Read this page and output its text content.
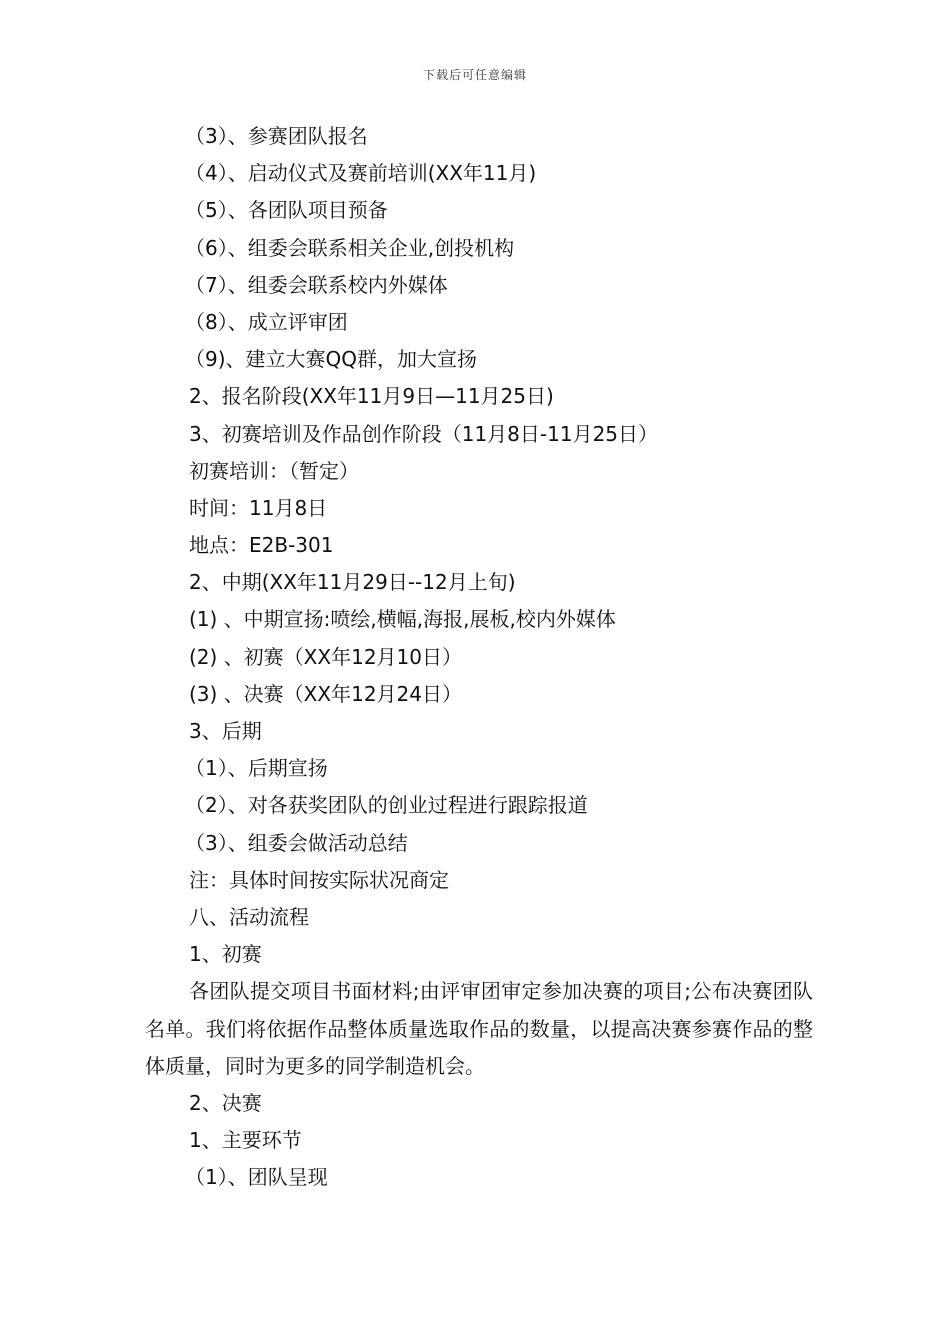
下载后可任意编辑

（3）、参赛团队报名

（4）、启动仪式及赛前培训(XX年11月)

（5）、各团队项目预备

（6）、组委会联系相关企业,创投机构

（7）、组委会联系校内外媒体

（8）、成立评审团

（9)、建立大赛QQ群，加大宣扬

2、报名阶段(XX年11月9日—11月25日)

3、初赛培训及作品创作阶段（11月8日-11月25日）

初赛培训：（暂定）

时间：11月8日

地点：E2B-301

2、中期(XX年11月29日--12月上旬)

(1) 、中期宣扬:喷绘,横幅,海报,展板,校内外媒体

(2) 、初赛（XX年12月10日）

(3) 、决赛（XX年12月24日）

3、后期

（1）、后期宣扬

（2）、对各获奖团队的创业过程进行跟踪报道

（3）、组委会做活动总结

注：具体时间按实际状况商定

八、活动流程

1、初赛

各团队提交项目书面材料;由评审团审定参加决赛的项目;公布决赛团队名单。我们将依据作品整体质量选取作品的数量，以提高决赛参赛作品的整体质量，同时为更多的同学制造机会。

2、决赛

1、主要环节

（1）、团队呈现
